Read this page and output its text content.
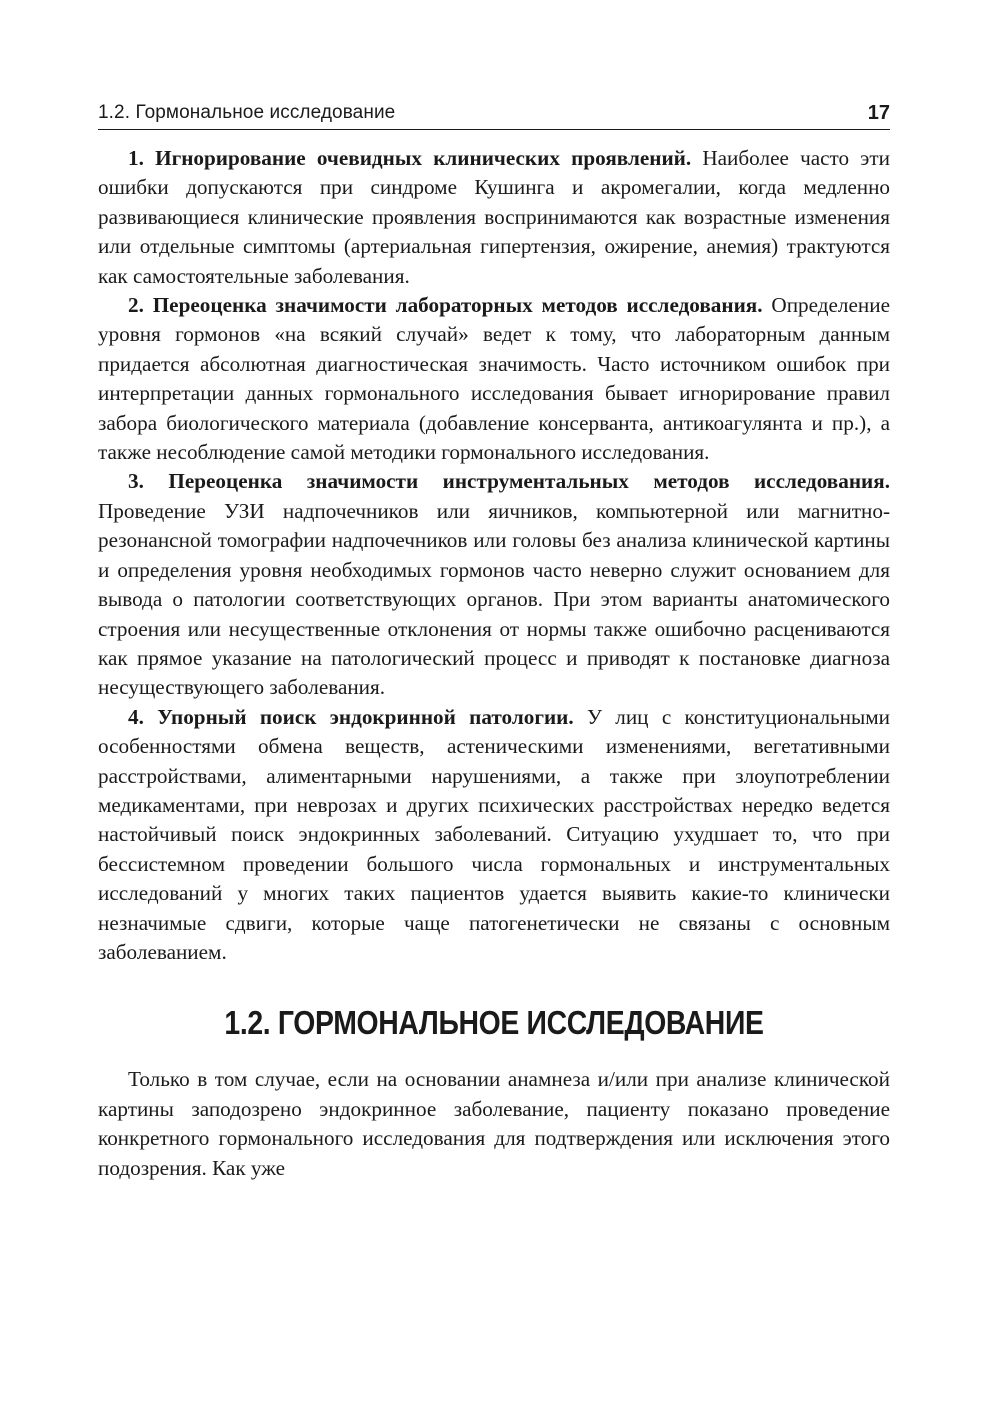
1.2. Гормональное исследование	17

1. Игнорирование очевидных клинических проявлений. Наиболее часто эти ошибки допускаются при синдроме Кушинга и акромегалии, когда медленно развивающиеся клинические проявления воспринимаются как возрастные изменения или отдельные симптомы (артериальная гипертензия, ожирение, анемия) трактуются как самостоятельные заболевания.

2. Переоценка значимости лабораторных методов исследования. Определение уровня гормонов «на всякий случай» ведет к тому, что лабораторным данным придается абсолютная диагностическая значимость. Часто источником ошибок при интерпретации данных гормонального исследования бывает игнорирование правил забора биологического материала (добавление консерванта, антикоагулянта и пр.), а также несоблюдение самой методики гормонального исследования.

3. Переоценка значимости инструментальных методов исследования. Проведение УЗИ надпочечников или яичников, компьютерной или магнитно-резонансной томографии надпочечников или головы без анализа клинической картины и определения уровня необходимых гормонов часто неверно служит основанием для вывода о патологии соответствующих органов. При этом варианты анатомического строения или несущественные отклонения от нормы также ошибочно расцениваются как прямое указание на патологический процесс и приводят к постановке диагноза несуществующего заболевания.

4. Упорный поиск эндокринной патологии. У лиц с конституциональными особенностями обмена веществ, астеническими изменениями, вегетативными расстройствами, алиментарными нарушениями, а также при злоупотреблении медикаментами, при неврозах и других психических расстройствах нередко ведется настойчивый поиск эндокринных заболеваний. Ситуацию ухудшает то, что при бессистемном проведении большого числа гормональных и инструментальных исследований у многих таких пациентов удается выявить какие-то клинически незначимые сдвиги, которые чаще патогенетически не связаны с основным заболеванием.

1.2. ГОРМОНАЛЬНОЕ ИССЛЕДОВАНИЕ

Только в том случае, если на основании анамнеза и/или при анализе клинической картины заподозрено эндокринное заболевание, пациенту показано проведение конкретного гормонального исследования для подтверждения или исключения этого подозрения. Как уже
